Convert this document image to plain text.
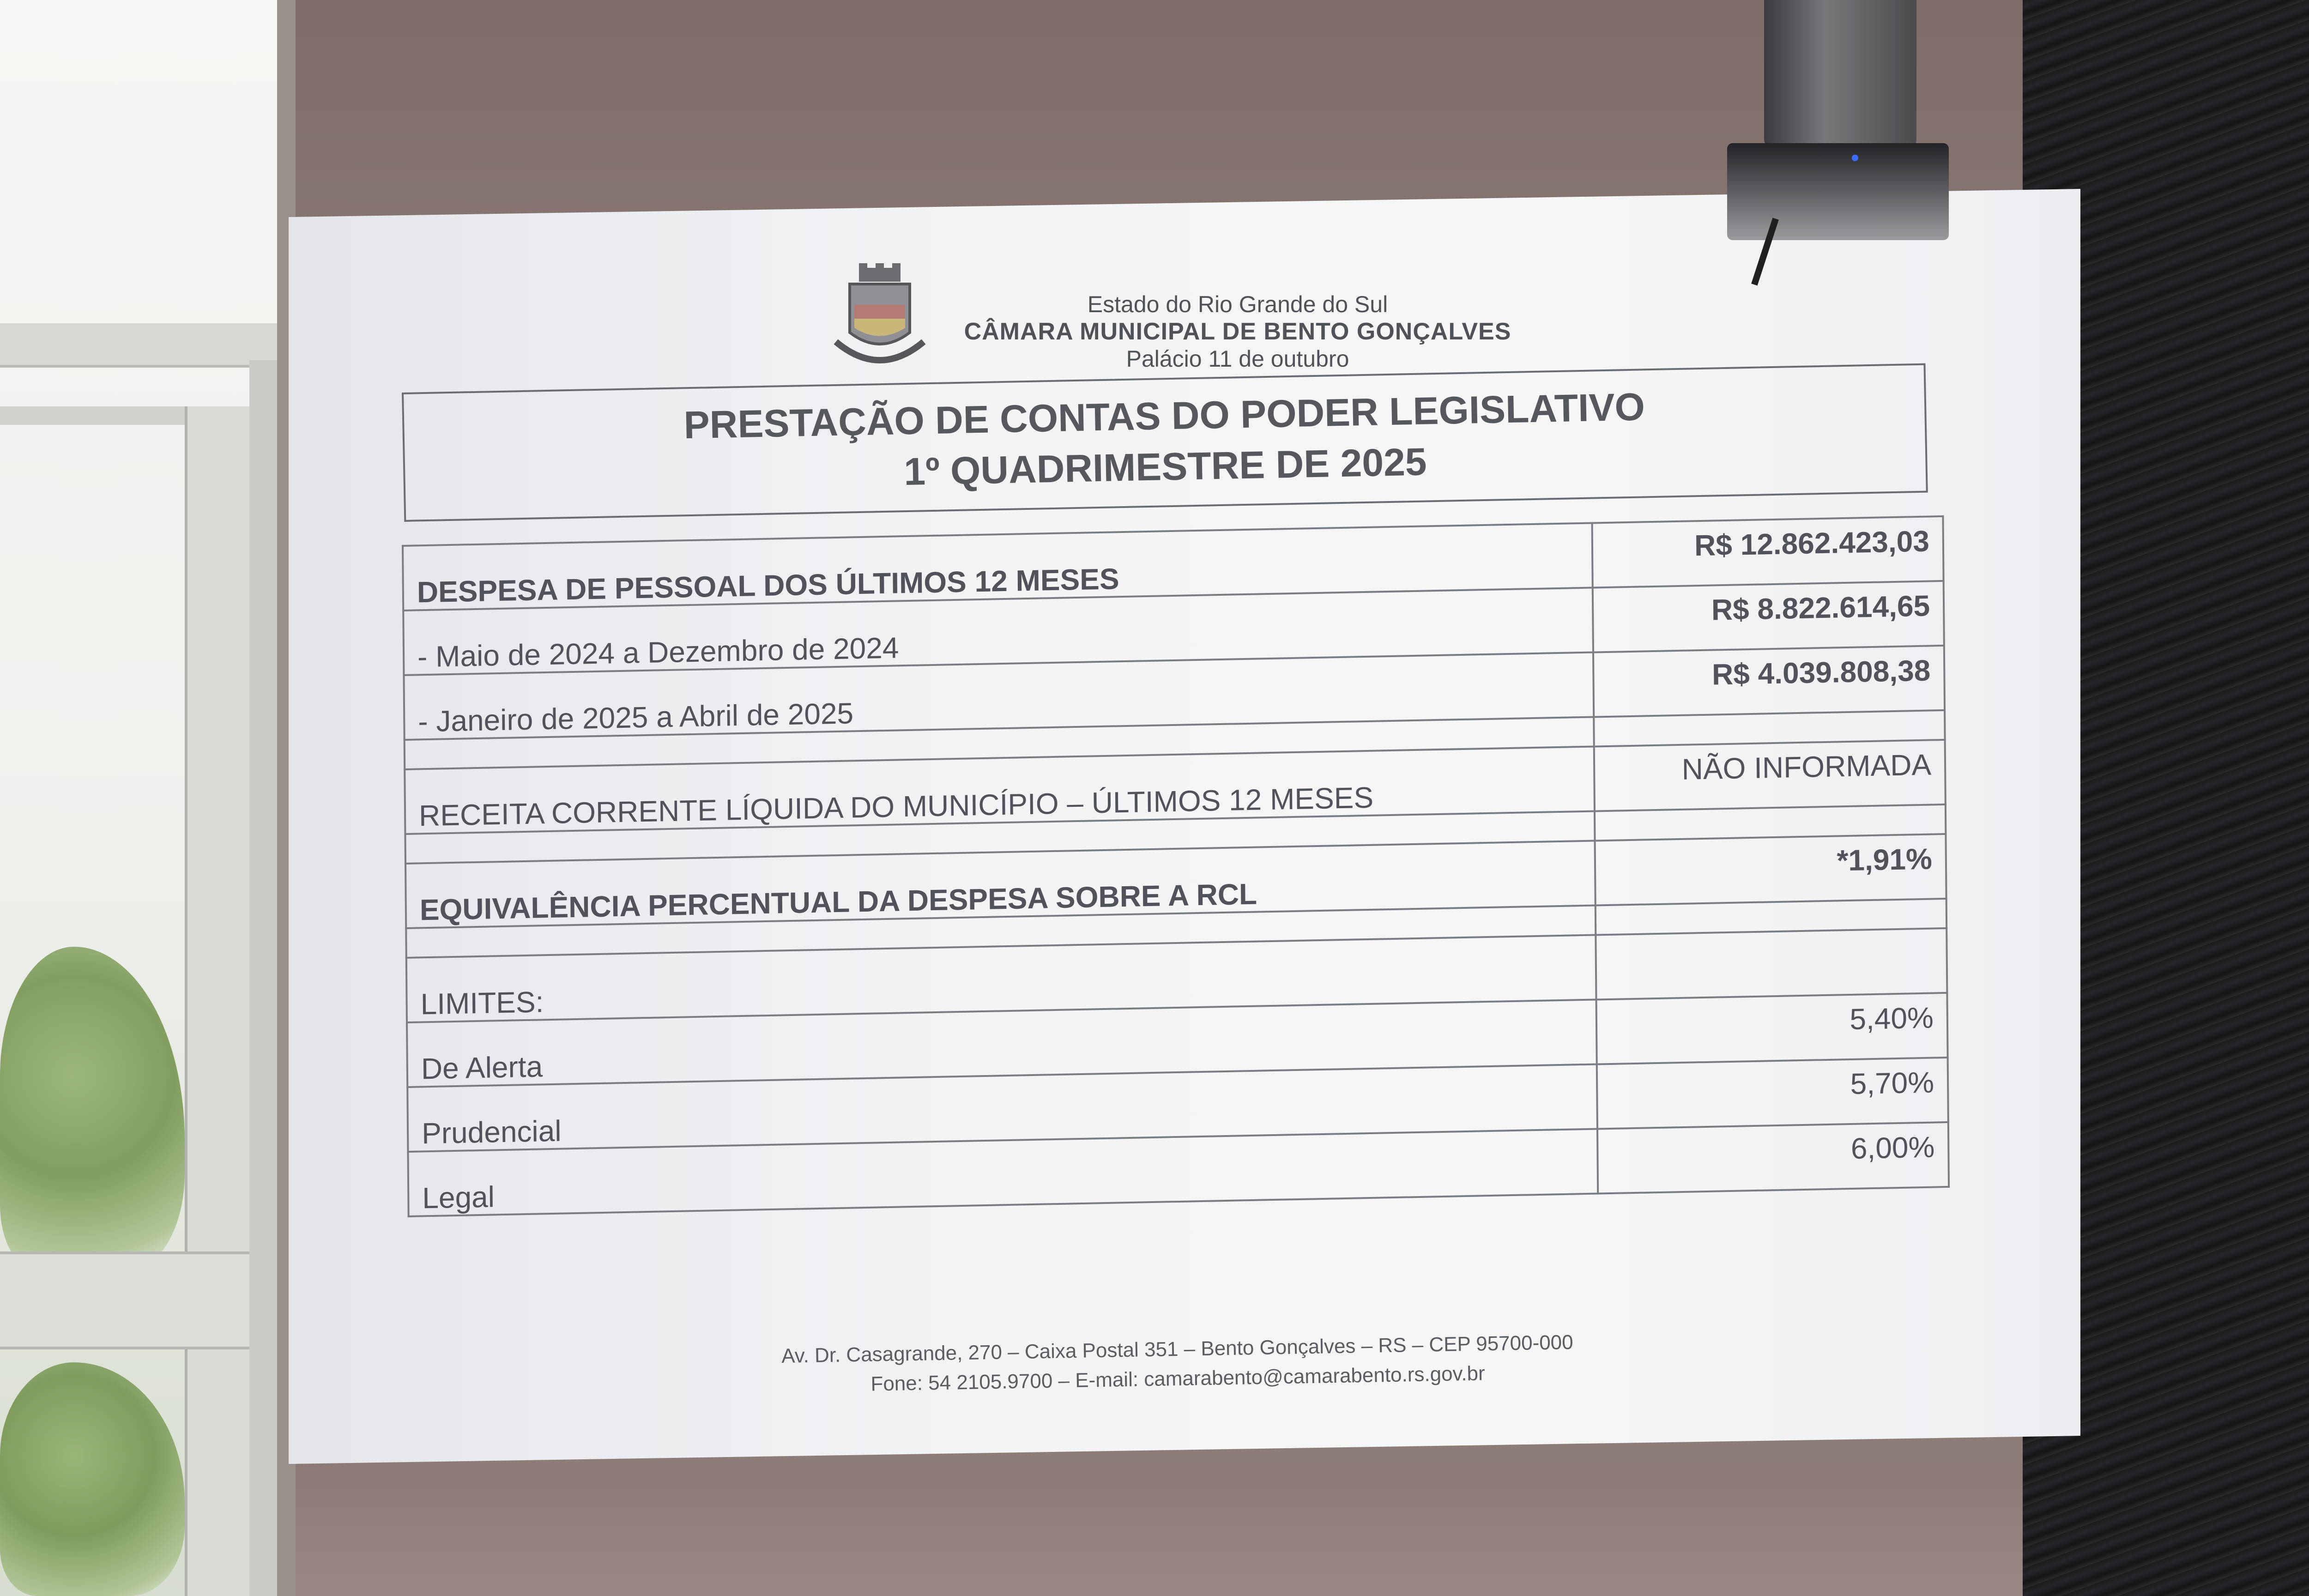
Estado do Rio Grande do Sul
CÂMARA MUNICIPAL DE BENTO GONÇALVES
Palácio 11 de outubro
PRESTAÇÃO DE CONTAS DO PODER LEGISLATIVO
1º QUADRIMESTRE DE 2025
DESPESA DE PESSOAL DOS ÚLTIMOS 12 MESES	R$ 12.862.423,03
- Maio de 2024 a Dezembro de 2024	R$ 8.822.614,65
- Janeiro de 2025 a Abril de 2025	R$ 4.039.808,38

RECEITA CORRENTE LÍQUIDA DO MUNICÍPIO – ÚLTIMOS 12 MESES	NÃO INFORMADA

EQUIVALÊNCIA PERCENTUAL DA DESPESA SOBRE A RCL	*1,91%

LIMITES:	
De Alerta	5,40%
Prudencial	5,70%
Legal	6,00%
Av. Dr. Casagrande, 270 – Caixa Postal 351 – Bento Gonçalves – RS – CEP 95700-000
Fone: 54 2105.9700 – E-mail: camarabento@camarabento.rs.gov.br
